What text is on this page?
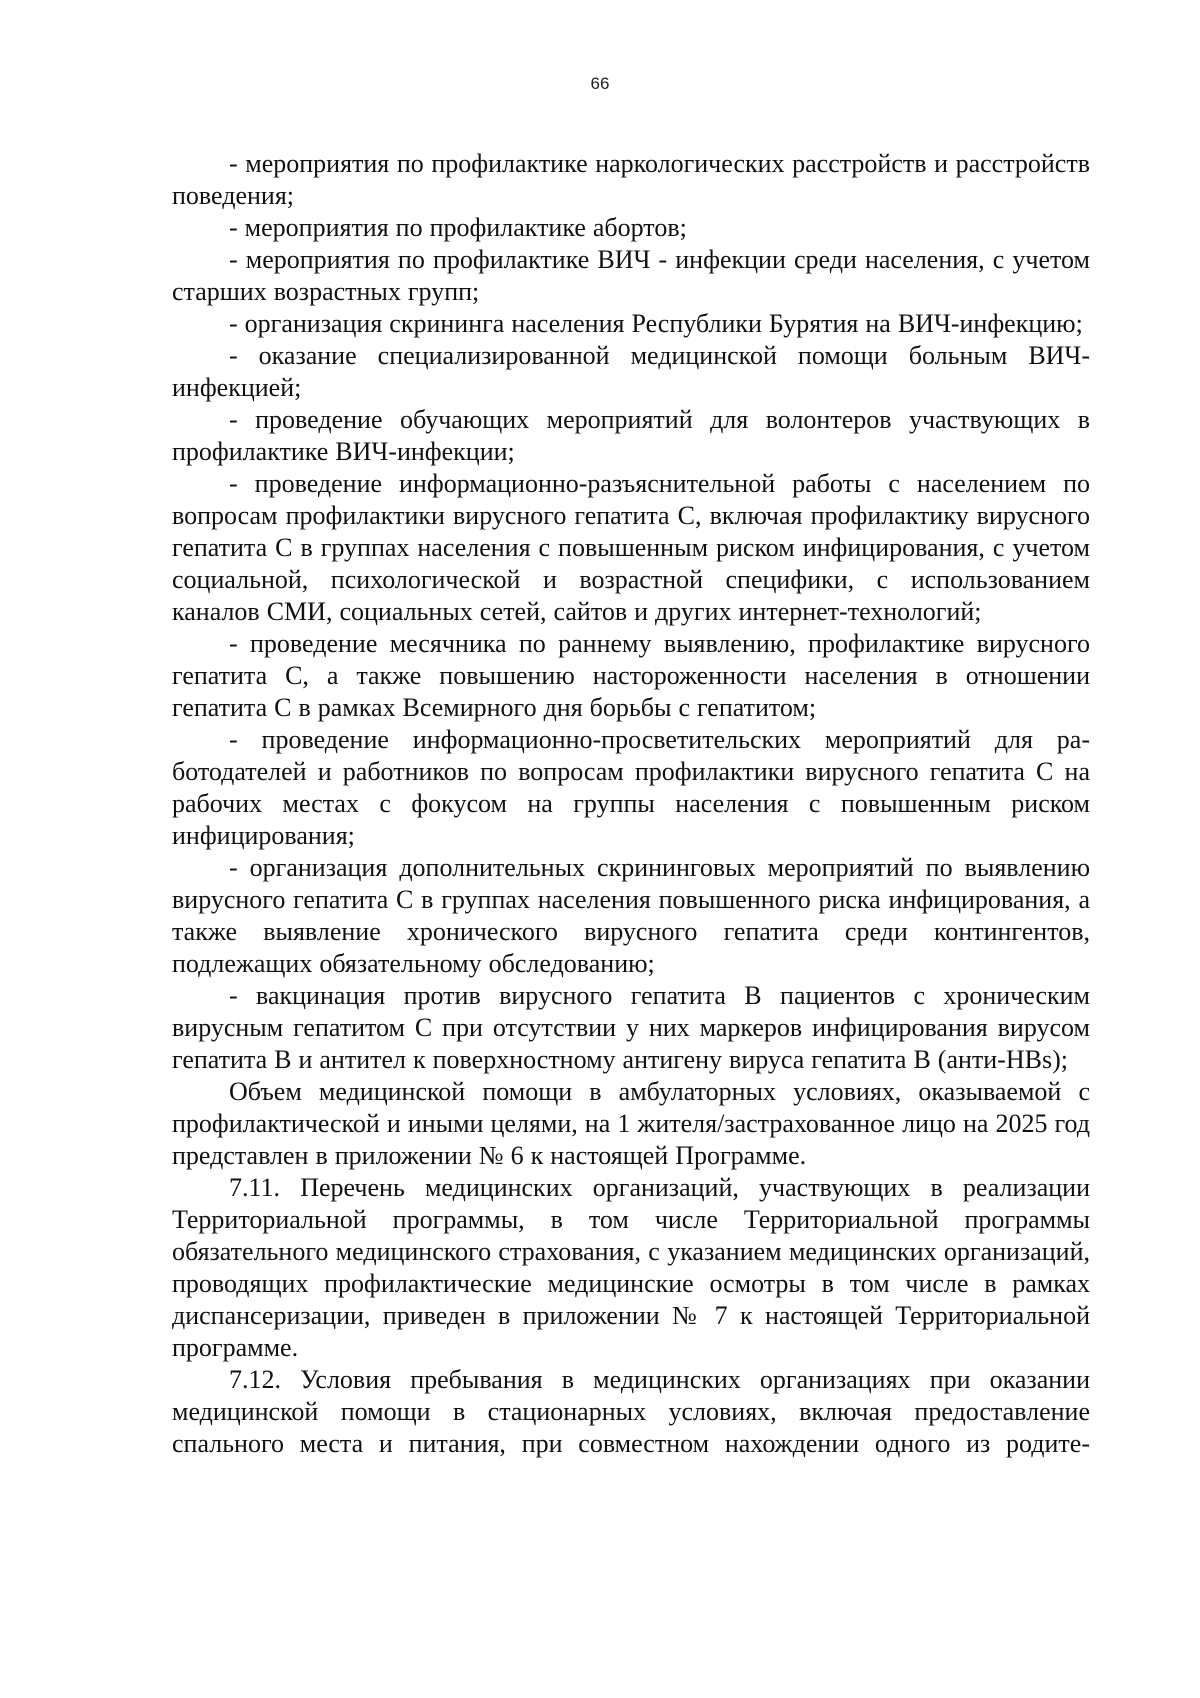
66

- мероприятия по профилактике наркологических расстройств и расстройств поведения;

- мероприятия по профилактике абортов;

- мероприятия по профилактике ВИЧ - инфекции среди населения, с учетом старших возрастных групп;

- организация скрининга населения Республики Бурятия на ВИЧ-инфекцию;

- оказание специализированной медицинской помощи больным ВИЧ-инфекцией;

- проведение обучающих мероприятий для волонтеров участвующих в профилактике ВИЧ-инфекции;

- проведение информационно-разъяснительной работы с населением по вопросам профилактики вирусного гепатита С, включая профилактику вирусного гепатита С в группах населения с повышенным риском инфицирования, с учетом социальной, психологической и возрастной специфики, с использованием каналов СМИ, социальных сетей, сайтов и других интернет-технологий;

- проведение месячника по раннему выявлению, профилактике вирусного гепатита С, а также повышению настороженности населения в отношении гепатита С в рамках Всемирного дня борьбы с гепатитом;

- проведение информационно-просветительских мероприятий для работодателей и работников по вопросам профилактики вирусного гепатита С на рабочих местах с фокусом на группы населения с повышенным риском инфицирования;

- организация дополнительных скрининговых мероприятий по выявлению вирусного гепатита С в группах населения повышенного риска инфицирования, а также выявление хронического вирусного гепатита среди контингентов, подлежащих обязательному обследованию;

- вакцинация против вирусного гепатита В пациентов с хроническим вирусным гепатитом С при отсутствии у них маркеров инфицирования вирусом гепатита В и антител к поверхностному антигену вируса гепатита В (анти-HBs);

Объем медицинской помощи в амбулаторных условиях, оказываемой с профилактической и иными целями, на 1 жителя/застрахованное лицо на 2025 год представлен в приложении № 6 к настоящей Программе.

7.11. Перечень медицинских организаций, участвующих в реализации Территориальной программы, в том числе Территориальной программы обязательного медицинского страхования, с указанием медицинских организаций, проводящих профилактические медицинские осмотры в том числе в рамках диспансеризации, приведен в приложении № 7 к настоящей Территориальной программе.

7.12. Условия пребывания в медицинских организациях при оказании медицинской помощи в стационарных условиях, включая предоставление спального места и питания, при совместном нахождении одного из родите-
